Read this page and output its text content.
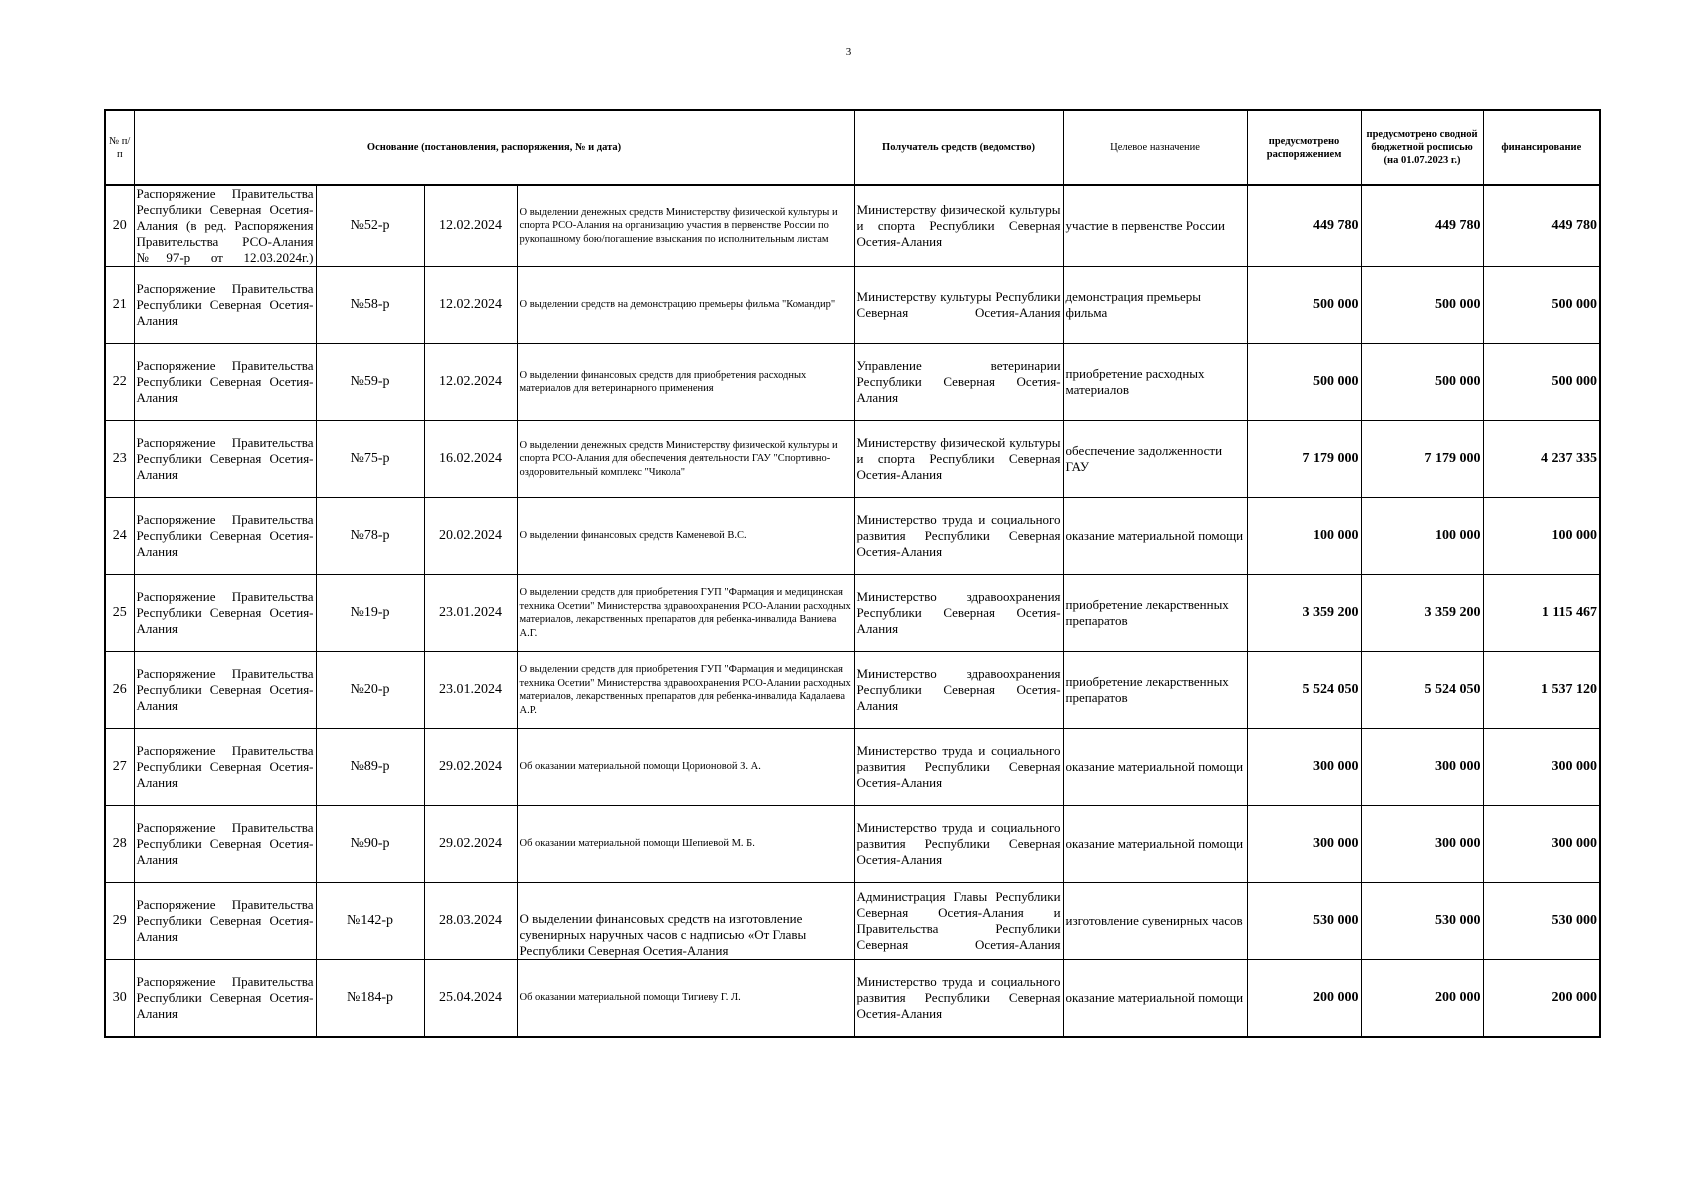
3
№ п/п	Основание (постановления, распоряжения, № и дата)				Получатель средств (ведомство)	Целевое назначение	предусмотрено распоряжением	предусмотрено сводной бюджетной росписью (на 01.07.2023 г.)	финансирование
20	Распоряжение Правительства Республики Северная Осетия-Алания (в ред. Распоряжения Правительства РСО-Алания №97-р от 12.03.2024г.)	№52-р	12.02.2024	О выделении денежных средств Министерству физической культуры и спорта РСО-Алания на организацию участия в первенстве России по рукопашному бою/погашение взыскания по исполнительным листам	Министерству физической культуры и спорта Республики Северная Осетия-Алания	участие в первенстве России	449 780	449 780	449 780
21	Распоряжение Правительства Республики Северная Осетия-Алания	№58-р	12.02.2024	О выделении средств на демонстрацию премьеры фильма "Командир"	Министерству культуры Республики Северная Осетия-Алания	демонстрация премьеры фильма	500 000	500 000	500 000
22	Распоряжение Правительства Республики Северная Осетия-Алания	№59-р	12.02.2024	О выделении финансовых средств для приобретения расходных материалов для ветеринарного применения	Управление ветеринарии Республики Северная Осетия-Алания	приобретение расходных материалов	500 000	500 000	500 000
23	Распоряжение Правительства Республики Северная Осетия-Алания	№75-р	16.02.2024	О выделении денежных средств Министерству физической культуры и спорта РСО-Алания для обеспечения деятельности ГАУ "Спортивно-оздоровительный комплекс "Чикола"	Министерству физической культуры и спорта Республики Северная Осетия-Алания	обеспечение задолженности ГАУ	7 179 000	7 179 000	4 237 335
24	Распоряжение Правительства Республики Северная Осетия-Алания	№78-р	20.02.2024	О выделении финансовых средств Каменевой В.С.	Министерство труда и социального развития Республики Северная Осетия-Алания	оказание материальной помощи	100 000	100 000	100 000
25	Распоряжение Правительства Республики Северная Осетия-Алания	№19-р	23.01.2024	О выделении средств для приобретения ГУП "Фармация и медицинская техника Осетии" Министерства здравоохранения РСО-Алании расходных материалов, лекарственных препаратов для ребенка-инвалида Ваниева А.Г.	Министерство здравоохранения Республики Северная Осетия-Алания	приобретение лекарственных препаратов	3 359 200	3 359 200	1 115 467
26	Распоряжение Правительства Республики Северная Осетия-Алания	№20-р	23.01.2024	О выделении средств для приобретения ГУП "Фармация и медицинская техника Осетии" Министерства здравоохранения РСО-Алании расходных материалов, лекарственных препаратов для ребенка-инвалида Кадалаева А.Р.	Министерство здравоохранения Республики Северная Осетия-Алания	приобретение лекарственных препаратов	5 524 050	5 524 050	1 537 120
27	Распоряжение Правительства Республики Северная Осетия-Алания	№89-р	29.02.2024	Об оказании материальной помощи Цорионовой З. А.	Министерство труда и социального развития Республики Северная Осетия-Алания	оказание материальной помощи	300 000	300 000	300 000
28	Распоряжение Правительства Республики Северная Осетия-Алания	№90-р	29.02.2024	Об оказании материальной помощи Шепиевой М. Б.	Министерство труда и социального развития Республики Северная Осетия-Алания	оказание материальной помощи	300 000	300 000	300 000
29	Распоряжение Правительства Республики Северная Осетия-Алания	№142-р	28.03.2024	О выделении финансовых средств на изготовление сувенирных наручных часов с надписью «От Главы Республики Северная Осетия-Алания	Администрация Главы Республики Северная Осетия-Алания и Правительства Республики Северная Осетия-Алания	изготовление сувенирных часов	530 000	530 000	530 000
30	Распоряжение Правительства Республики Северная Осетия-Алания	№184-р	25.04.2024	Об оказании материальной помощи Тигиеву Г. Л.	Министерство труда и социального развития Республики Северная Осетия-Алания	оказание материальной помощи	200 000	200 000	200 000
